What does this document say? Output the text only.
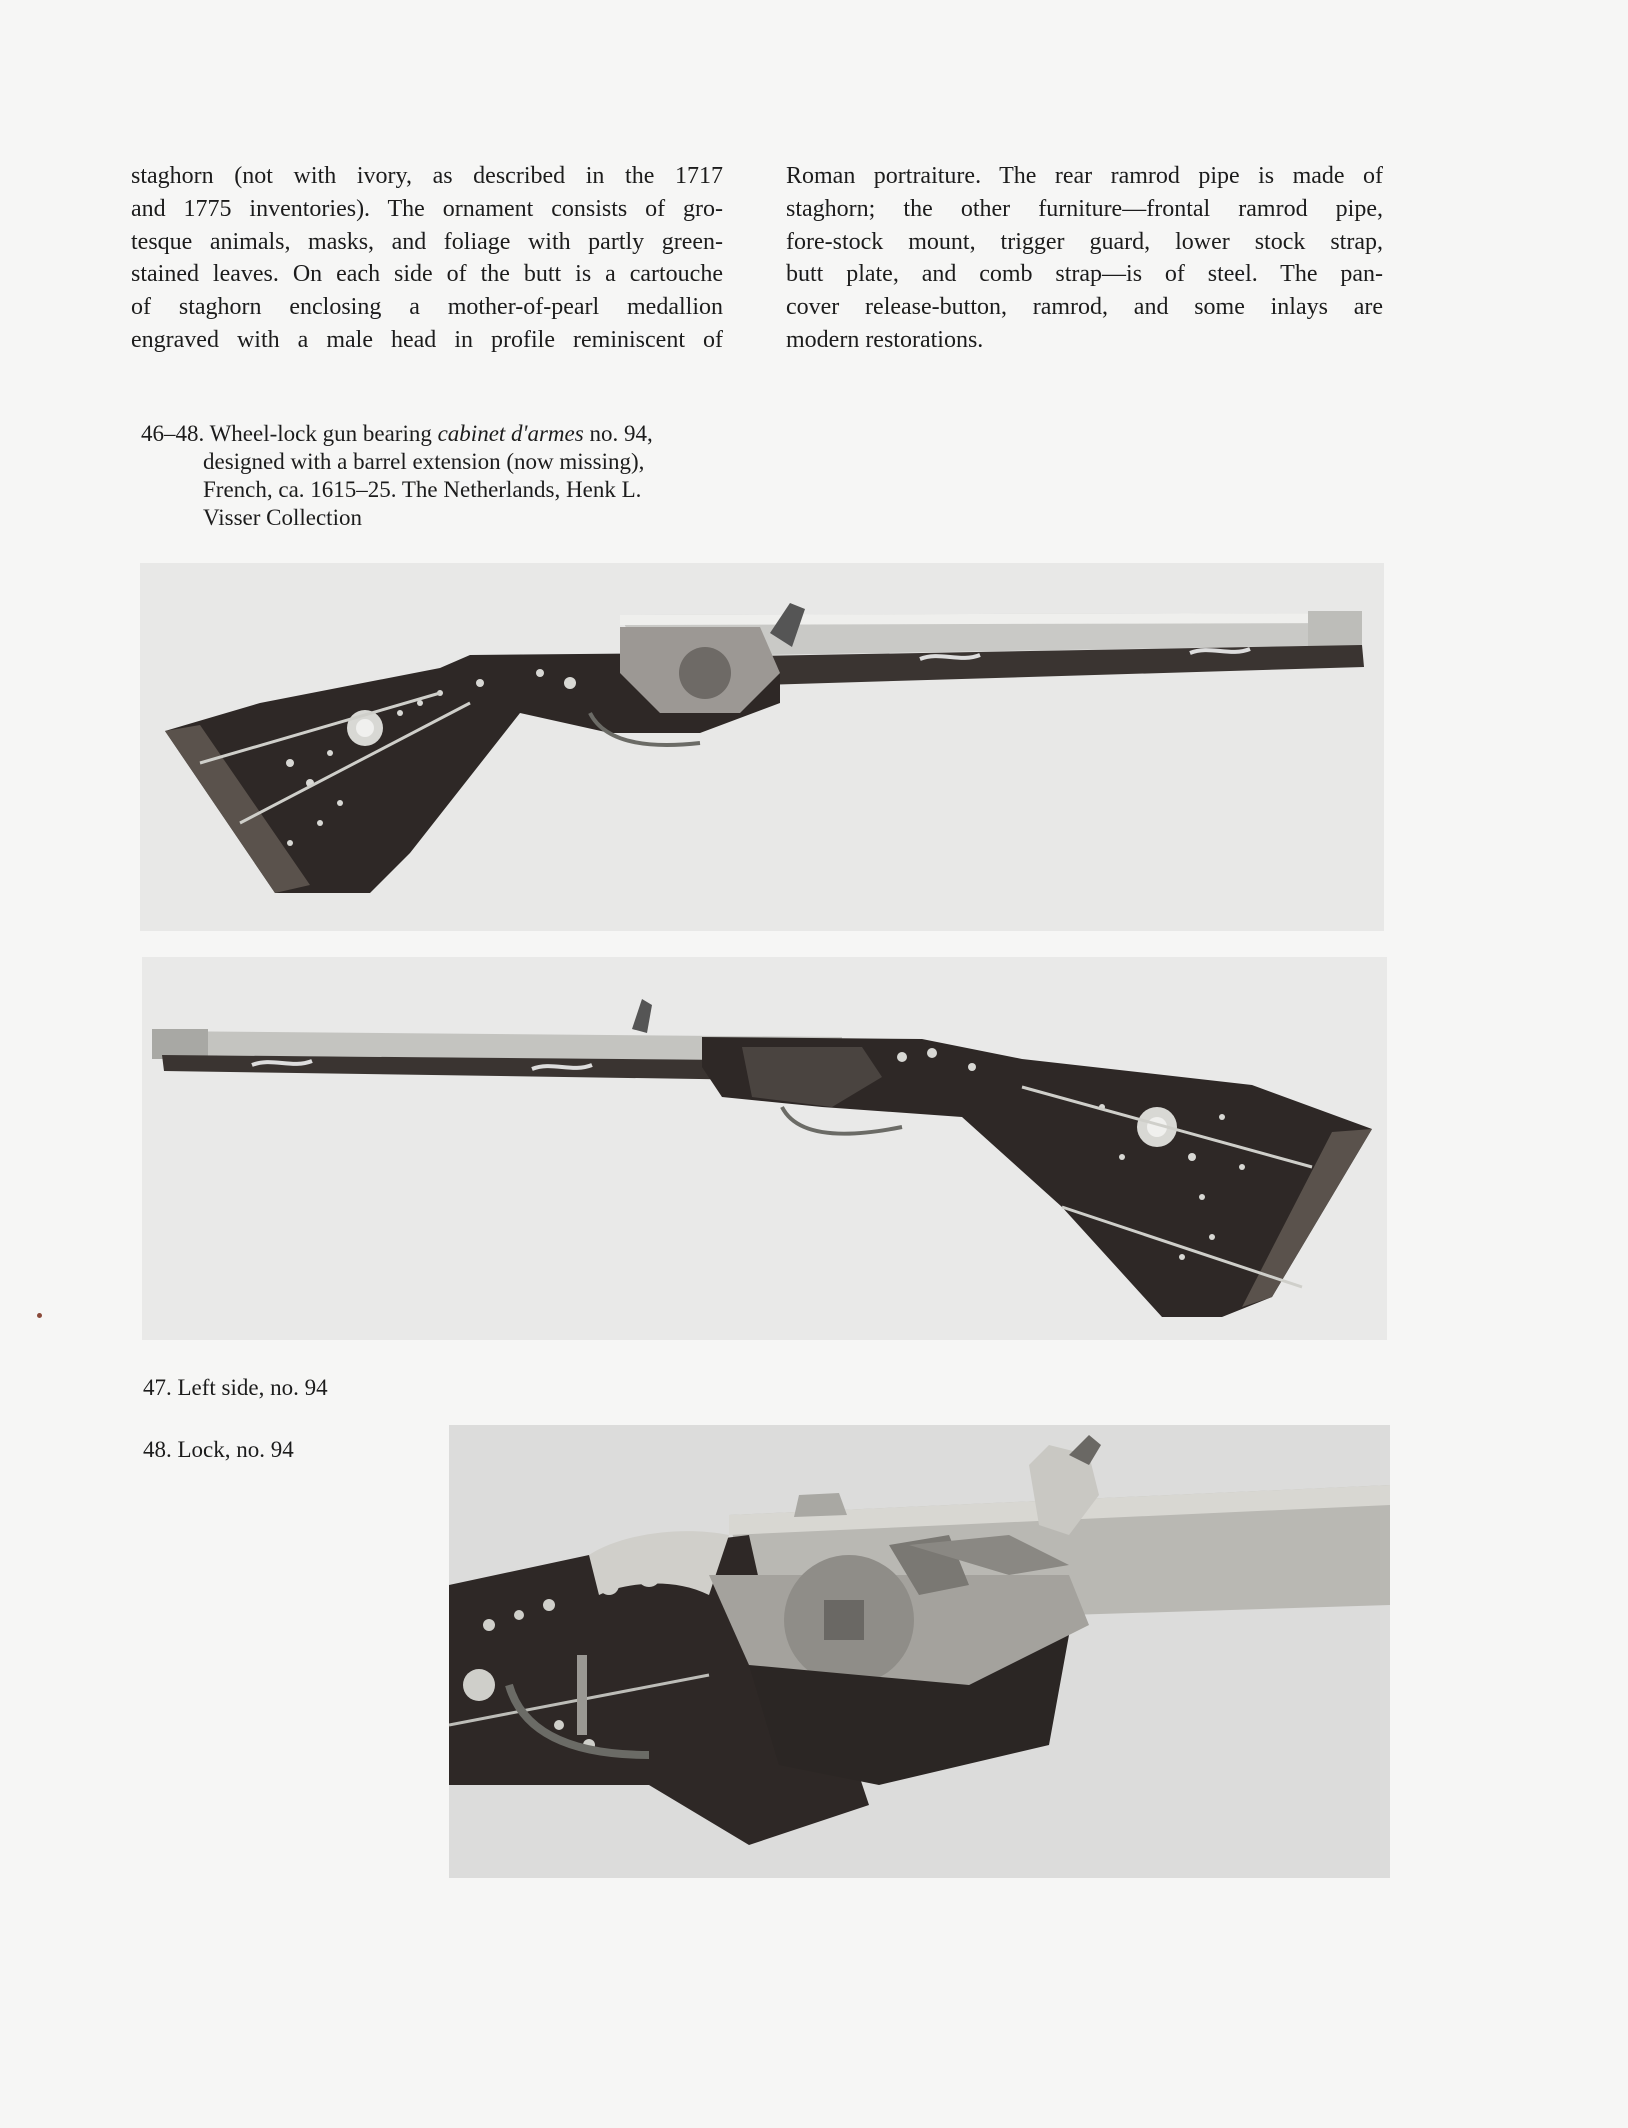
staghorn (not with ivory, as described in the 1717
and 1775 inventories). The ornament consists of gro-
tesque animals, masks, and foliage with partly green-
stained leaves. On each side of the butt is a cartouche
of staghorn enclosing a mother-of-pearl medallion
engraved with a male head in profile reminiscent of
Roman portraiture. The rear ramrod pipe is made of
staghorn; the other furniture—frontal ramrod pipe,
fore-stock mount, trigger guard, lower stock strap,
butt plate, and comb strap—is of steel. The pan-
cover release-button, ramrod, and some inlays are
modern restorations.

46–48. Wheel-lock gun bearing cabinet d'armes no. 94,

designed with a barrel extension (now missing),

French, ca. 1615–25. The Netherlands, Henk L.

Visser Collection

47. Left side, no. 94

48. Lock, no. 94
